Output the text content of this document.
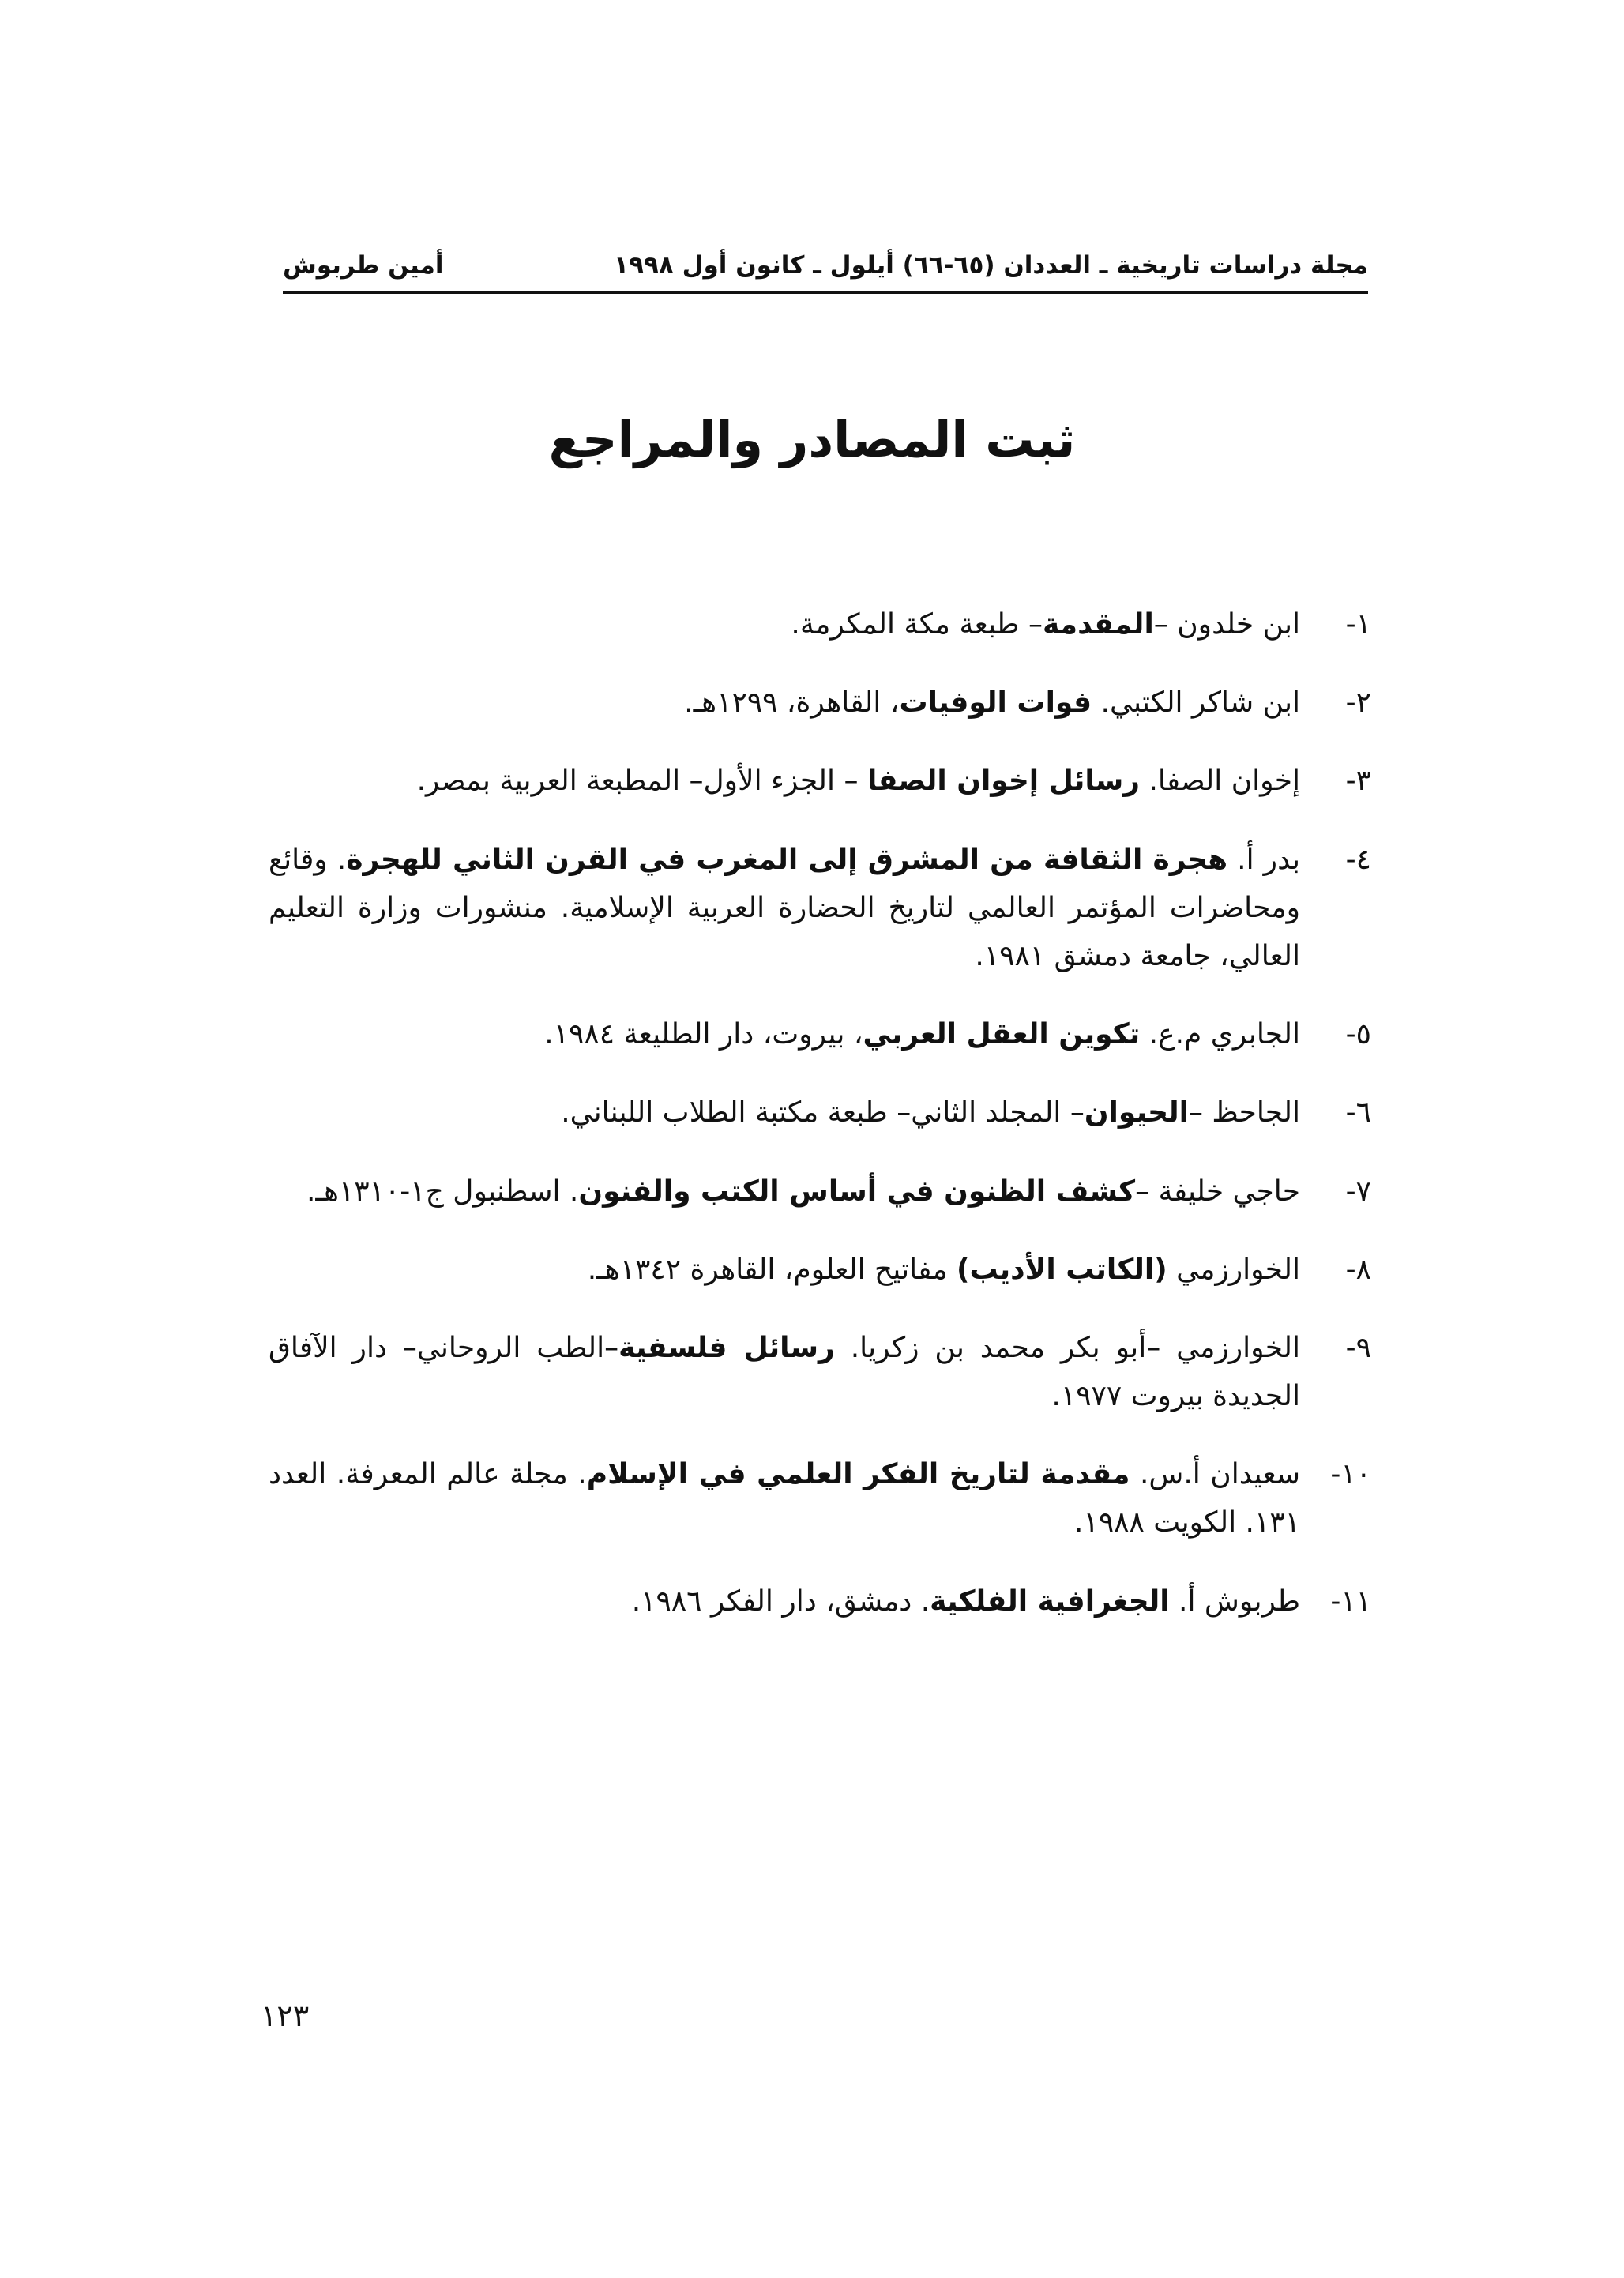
مجلة دراسات تاريخية ـ العددان (٦٥-٦٦) أيلول ـ كانون أول ١٩٩٨
أمين طربوش
ثبت المصادر والمراجع
١-
ابن خلدون –المقدمة– طبعة مكة المكرمة.
٢-
ابن شاكر الكتبي. فوات الوفيات، القاهرة، ١٢٩٩هـ.
٣-
إخوان الصفا. رسائل إخوان الصفا – الجزء الأول– المطبعة العربية بمصر.
٤-
بدر أ. هجرة الثقافة من المشرق إلى المغرب في القرن الثاني للهجرة. وقائع ومحاضرات المؤتمر العالمي لتاريخ الحضارة العربية الإسلامية. منشورات وزارة التعليم العالي، جامعة دمشق ١٩٨١.
٥-
الجابري م.ع. تكوين العقل العربي، بيروت، دار الطليعة ١٩٨٤.
٦-
الجاحظ –الحيوان– المجلد الثاني– طبعة مكتبة الطلاب اللبناني.
٧-
حاجي خليفة –كشف الظنون في أساس الكتب والفنون. اسطنبول ج١-١٣١٠هـ.
٨-
الخوارزمي (الكاتب الأديب) مفاتيح العلوم، القاهرة ١٣٤٢هـ.
٩-
الخوارزمي –أبو بكر محمد بن زكريا. رسائل فلسفية–الطب الروحاني– دار الآفاق الجديدة بيروت ١٩٧٧.
١٠-
سعيدان أ.س. مقدمة لتاريخ الفكر العلمي في الإسلام. مجلة عالم المعرفة. العدد ١٣١. الكويت ١٩٨٨.
١١-
طربوش أ. الجغرافية الفلكية. دمشق، دار الفكر ١٩٨٦.
١٢٣
